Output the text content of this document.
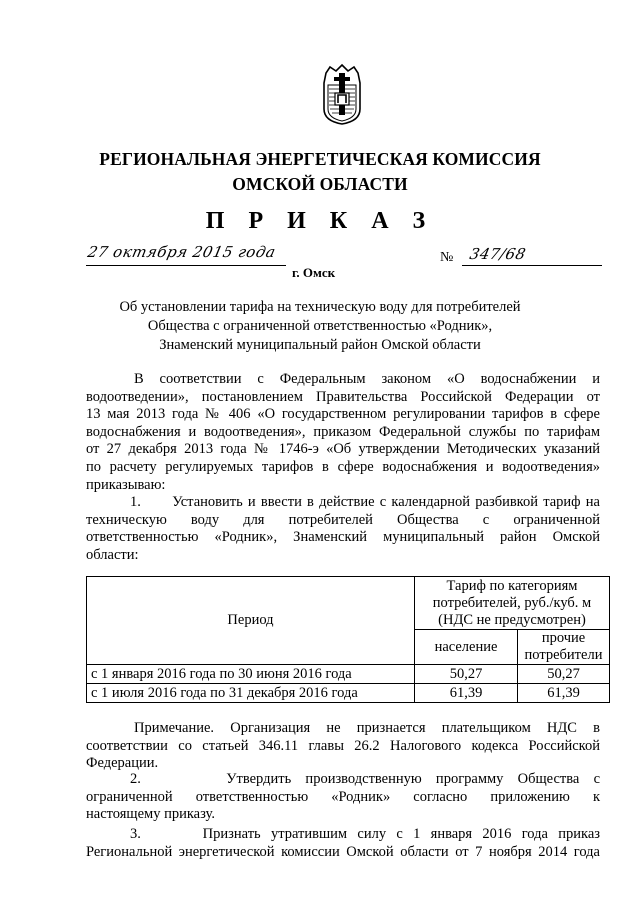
РЕГИОНАЛЬНАЯ ЭНЕРГЕТИЧЕСКАЯ КОМИССИЯ
ОМСКОЙ ОБЛАСТИ
П Р И К А З
27 октября 2015 года	№ 347/68
г. Омск
Об установлении тарифа на техническую воду для потребителей
Общества с ограниченной ответственностью «Родник»,
Знаменский муниципальный район Омской области
В соответствии с Федеральным законом «О водоснабжении и
водоотведении», постановлением Правительства Российской Федерации от
13 мая 2013 года № 406 «О государственном регулировании тарифов в сфере
водоснабжения и водоотведения», приказом Федеральной службы по тарифам
от 27 декабря 2013 года № 1746-э «Об утверждении Методических указаний
по расчету регулируемых тарифов в сфере водоснабжения и водоотведения»
приказываю:
1.      Установить и ввести в действие с календарной разбивкой тариф на
техническую воду для потребителей Общества с ограниченной
ответственностью «Родник», Знаменский муниципальный район Омской
области:
Период	Тариф по категориям
потребителей, руб./куб. м
(НДС не предусмотрен)	

	население	прочие
потребители

с 1 января 2016 года по 30 июня 2016 года	50,27	50,27
с 1 июля 2016 года по 31 декабря 2016 года	61,39	61,39
Примечание. Организация не признается плательщиком НДС в
соответствии со статьей 346.11 главы 26.2 Налогового кодекса Российской
Федерации.
2.      Утвердить производственную программу Общества с
ограниченной ответственностью «Родник» согласно приложению к
настоящему приказу.
3.      Признать утратившим силу с 1 января 2016 года приказ
Региональной энергетической комиссии Омской области от 7 ноября 2014 года
